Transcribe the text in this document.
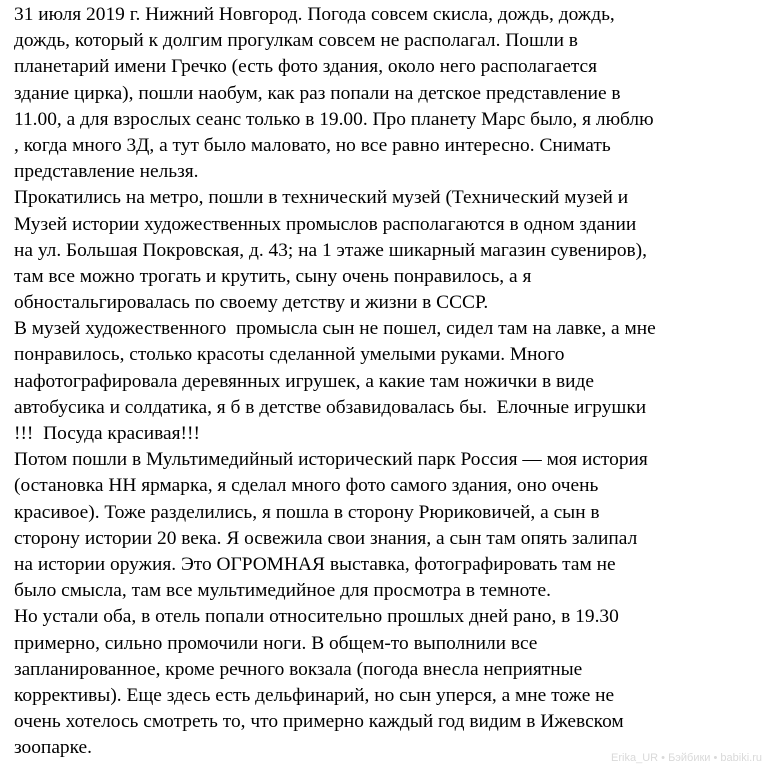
31 июля 2019 г. Нижний Новгород. Погода совсем скисла, дождь, дождь,
дождь, который к долгим прогулкам совсем не располагал. Пошли в
планетарий имени Гречко (есть фото здания, около него располагается
здание цирка), пошли наобум, как раз попали на детское представление в
11.00, а для взрослых сеанс только в 19.00. Про планету Марс было, я люблю
, когда много 3Д, а тут было маловато, но все равно интересно. Снимать
представление нельзя.
Прокатились на метро, пошли в технический музей (Технический музей и
Музей истории художественных промыслов располагаются в одном здании
на ул. Большая Покровская, д. 43; на 1 этаже шикарный магазин сувениров),
там все можно трогать и крутить, сыну очень понравилось, а я
обностальгировалась по своему детству и жизни в СССР.
В музей художественного  промысла сын не пошел, сидел там на лавке, а мне
понравилось, столько красоты сделанной умелыми руками. Много
нафотографировала деревянных игрушек, а какие там ножички в виде
автобусика и солдатика, я б в детстве обзавидовалась бы.  Елочные игрушки
!!!  Посуда красивая!!!
Потом пошли в Мультимедийный исторический парк Россия — моя история
(остановка НН ярмарка, я сделал много фото самого здания, оно очень
красивое). Тоже разделились, я пошла в сторону Рюриковичей, а сын в
сторону истории 20 века. Я освежила свои знания, а сын там опять залипал
на истории оружия. Это ОГРОМНАЯ выставка, фотографировать там не
было смысла, там все мультимедийное для просмотра в темноте.
Но устали оба, в отель попали относительно прошлых дней рано, в 19.30
примерно, сильно промочили ноги. В общем-то выполнили все
запланированное, кроме речного вокзала (погода внесла неприятные
коррективы). Еще здесь есть дельфинарий, но сын уперся, а мне тоже не
очень хотелось смотреть то, что примерно каждый год видим в Ижевском
зоопарке.	Erika_UR • Бэйбики • babiki.ru
